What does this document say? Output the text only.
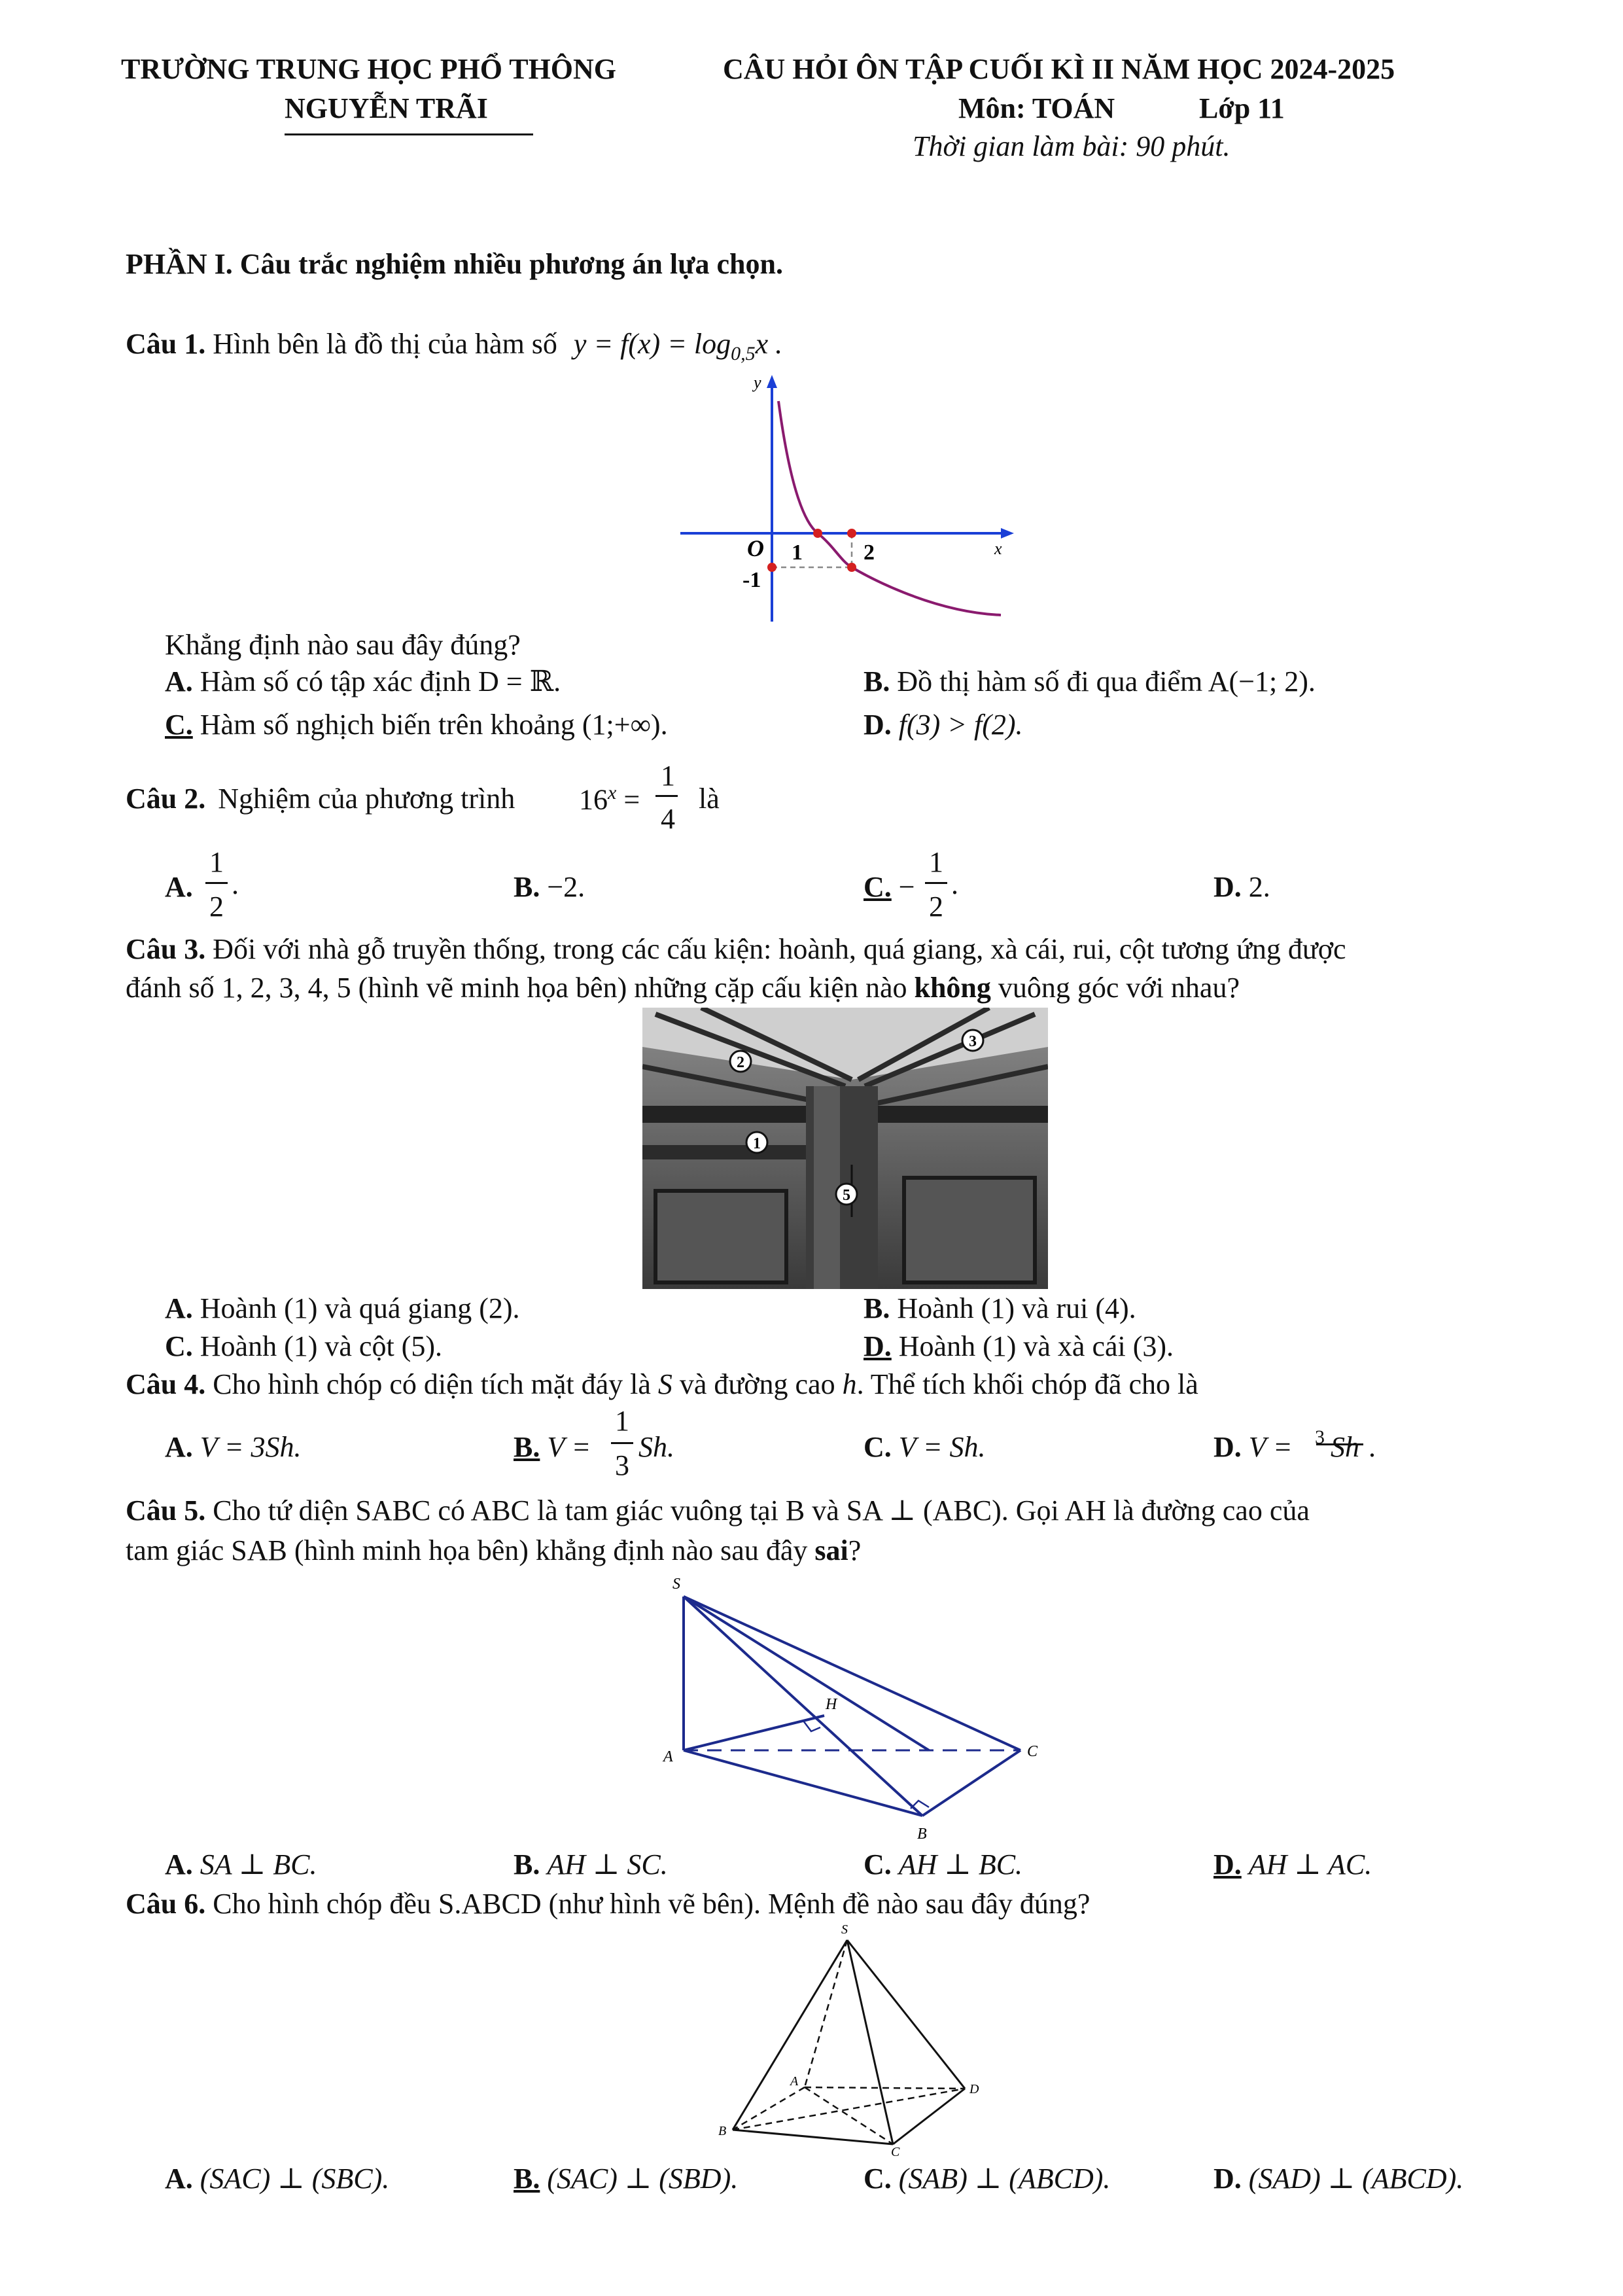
TRƯỜNG TRUNG HỌC PHỔ THÔNG
NGUYỄN TRÃI
CÂU HỎI ÔN TẬP CUỐI KÌ II NĂM HỌC 2024-2025
Môn: TOÁN	Lớp 11
Thời gian làm bài: 90 phút.
PHẦN I. Câu trắc nghiệm nhiều phương án lựa chọn.
Câu 1. Hình bên là đồ thị của hàm số $y = f(x) = \log_{0,5}x$ .
y
x
O 1	2
-1
Khẳng định nào sau đây đúng?
A. Hàm số có tập xác định D = ℝ.	B. Đồ thị hàm số đi qua điểm A(−1; 2).
C. Hàm số nghịch biến trên khoảng (1;+∞).	D. f(3) > f(2).
Câu 2. Nghiệm của phương trình $16^x$ =
1
4
là
A.
1
2
.	B. −2.	C. −
1
2
.	D. 2.
Câu 3. Đối với nhà gỗ truyền thống, trong các cấu kiện: hoành, quá giang, xà cái, rui, cột tương ứng được
đánh số 1, 2, 3, 4, 5 (hình vẽ minh họa bên) những cặp cấu kiện nào không vuông góc với nhau?
2
3
1
5
A. Hoành (1) và quá giang (2).	B. Hoành (1) và rui (4).
C. Hoành (1) và cột (5).	D. Hoành (1) và xà cái (3).
Câu 4. Cho hình chóp có diện tích mặt đáy là S và đường cao h. Thể tích khối chóp đã cho là
A. V = 3Sh.	B. V =
1
3
Sh.	C. V = Sh.	D. V = 3 Sh .
Câu 5. Cho tứ diện SABC có ABC là tam giác vuông tại B và SA ⊥ (ABC). Gọi AH là đường cao của
tam giác SAB (hình minh họa bên) khẳng định nào sau đây sai?
S
H
A	C
B
A. SA ⊥ BC.	B. AH ⊥ SC.	C. AH ⊥ BC.	D. AH ⊥ AC.
Câu 6. Cho hình chóp đều S.ABCD (như hình vẽ bên). Mệnh đề nào sau đây đúng?
S
A
B
C
D
A. (SAC) ⊥ (SBC).	B. (SAC) ⊥ (SBD).	C. (SAB) ⊥ (ABCD).	D. (SAD) ⊥ (ABCD).
